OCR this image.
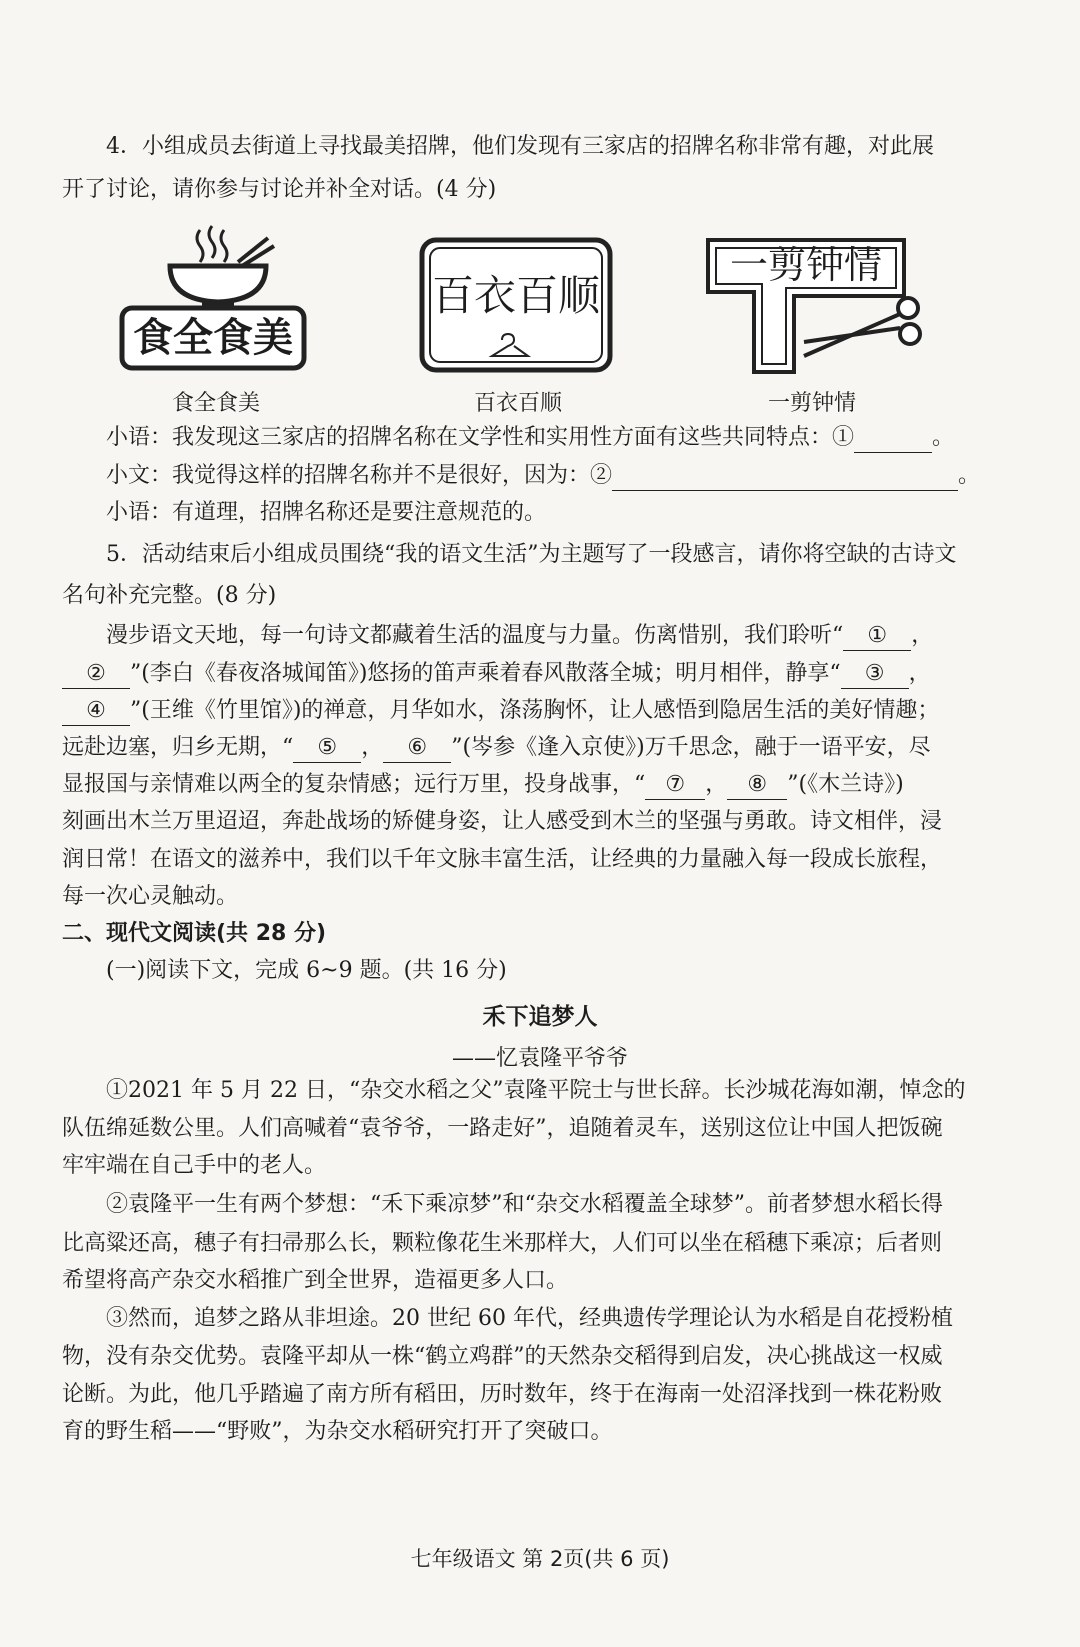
4．小组成员去街道上寻找最美招牌，他们发现有三家店的招牌名称非常有趣，对此展
开了讨论，请你参与讨论并补全对话。(4 分)
食全食美
食全食美
百衣百顺
百衣百顺
一剪钟情
一剪钟情
小语：我发现这三家店的招牌名称在文学性和实用性方面有这些共同特点：①	。
小文：我觉得这样的招牌名称并不是很好，因为：②	。
小语：有道理，招牌名称还是要注意规范的。
5．活动结束后小组成员围绕“我的语文生活”为主题写了一段感言，请你将空缺的古诗文
名句补充完整。(8 分)
漫步语文天地，每一句诗文都藏着生活的温度与力量。伤离惜别，我们聆听“ ① ，
② ”(李白《春夜洛城闻笛》)悠扬的笛声乘着春风散落全城；明月相伴，静享“ ③ ，
④ ”(王维《竹里馆》)的禅意，月华如水，涤荡胸怀，让人感悟到隐居生活的美好情趣；
远赴边塞，归乡无期，“ ⑤ ， ⑥ ”(岑参《逢入京使》)万千思念，融于一语平安，尽
显报国与亲情难以两全的复杂情感；远行万里，投身战事，“ ⑦ ， ⑧ ”(《木兰诗》)
刻画出木兰万里迢迢，奔赴战场的矫健身姿，让人感受到木兰的坚强与勇敢。诗文相伴，浸
润日常！在语文的滋养中，我们以千年文脉丰富生活，让经典的力量融入每一段成长旅程，
每一次心灵触动。
二、现代文阅读(共 28 分)
(一)阅读下文，完成 6~9 题。(共 16 分)
禾下追梦人
——忆袁隆平爷爷
①2021 年 5 月 22 日，“杂交水稻之父”袁隆平院士与世长辞。长沙城花海如潮，悼念的
队伍绵延数公里。人们高喊着“袁爷爷，一路走好”，追随着灵车，送别这位让中国人把饭碗
牢牢端在自己手中的老人。
②袁隆平一生有两个梦想：“禾下乘凉梦”和“杂交水稻覆盖全球梦”。前者梦想水稻长得
比高粱还高，穗子有扫帚那么长，颗粒像花生米那样大，人们可以坐在稻穗下乘凉；后者则
希望将高产杂交水稻推广到全世界，造福更多人口。
③然而，追梦之路从非坦途。20 世纪 60 年代，经典遗传学理论认为水稻是自花授粉植
物，没有杂交优势。袁隆平却从一株“鹤立鸡群”的天然杂交稻得到启发，决心挑战这一权威
论断。为此，他几乎踏遍了南方所有稻田，历时数年，终于在海南一处沼泽找到一株花粉败
育的野生稻——“野败”，为杂交水稻研究打开了突破口。
七年级语文 第 2页(共 6 页)
